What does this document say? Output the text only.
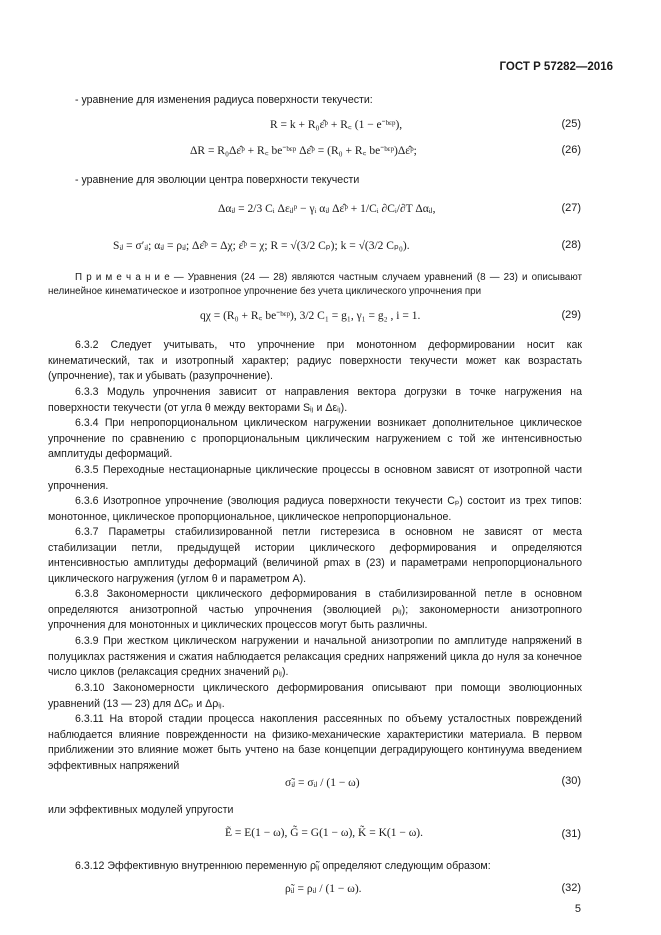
ГОСТ Р 57282—2016
- уравнение для изменения радиуса поверхности текучести:
R = k + R₀ε̂ᵖ + R꜀ (1 − e⁻ᵇᵋᵖ),	(25)
ΔR = R₀Δε̂ᵖ + R꜀ be⁻ᵇᵋᵖ Δε̂ᵖ = (R₀ + R꜀ be⁻ᵇᵋᵖ)Δε̂ᵖ;	(26)
- уравнение для эволюции центра поверхности текучести
Δαᵢⱼ = 2/3 Cᵢ Δεᵢⱼᵖ − γᵢ αᵢⱼ Δε̂ᵖ + 1/Cᵢ ∂Cᵢ/∂T Δαᵢⱼ,	(27)
Sᵢⱼ = σ′ᵢⱼ; αᵢⱼ = ρᵢⱼ; Δε̂ᵖ = Δχ; ε̂ᵖ = χ; R = √(3/2 Cₚ); k = √(3/2 Cₚ₀).	(28)
П р и м е ч а н и е — Уравнения (24 — 28) являются частным случаем уравнений (8 — 23) и описывают нелинейное кинематическое и изотропное упрочнение без учета циклического упрочнения при
qχ = (R₀ + R꜀ be⁻ᵇᵋᵖ), 3/2 C₁ = g₁, γ₁ = g₂ , i = 1.	(29)
6.3.2 Следует учитывать, что упрочнение при монотонном деформировании носит как кинематический, так и изотропный характер; радиус поверхности текучести может как возрастать (упрочнение), так и убывать (разупрочнение).
6.3.3 Модуль упрочнения зависит от направления вектора догрузки в точке нагружения на поверхности текучести (от угла θ между векторами Sᵢⱼ и Δεᵢⱼ).
6.3.4 При непропорциональном циклическом нагружении возникает дополнительное циклическое упрочнение по сравнению с пропорциональным циклическим нагружением с той же интенсивностью амплитуды деформаций.
6.3.5 Переходные нестационарные циклические процессы в основном зависят от изотропной части упрочнения.
6.3.6 Изотропное упрочнение (эволюция радиуса поверхности текучести Cₚ) состоит из трех типов: монотонное, циклическое пропорциональное, циклическое непропорциональное.
6.3.7 Параметры стабилизированной петли гистерезиса в основном не зависят от места стабилизации петли, предыдущей истории циклического деформирования и определяются интенсивностью амплитуды деформаций (величиной ρmax в (23) и параметрами непропорционального циклического нагружения (углом θ и параметром A).
6.3.8 Закономерности циклического деформирования в стабилизированной петле в основном определяются анизотропной частью упрочнения (эволюцией ρᵢⱼ); закономерности анизотропного упрочнения для монотонных и циклических процессов могут быть различны.
6.3.9 При жестком циклическом нагружении и начальной анизотропии по амплитуде напряжений в полуциклах растяжения и сжатия наблюдается релаксация средних напряжений цикла до нуля за конечное число циклов (релаксация средних значений ρᵢⱼ).
6.3.10 Закономерности циклического деформирования описывают при помощи эволюционных уравнений (13 — 23) для ΔCₚ и Δρᵢⱼ.
6.3.11 На второй стадии процесса накопления рассеянных по объему усталостных повреждений наблюдается влияние поврежденности на физико-механические характеристики материала. В первом приближении это влияние может быть учтено на базе концепции деградирующего континуума введением эффективных напряжений
σ̃ᵢⱼ = σᵢⱼ / (1 − ω)	(30)
или эффективных модулей упругости
Ẽ = E(1 − ω), G̃ = G(1 − ω), K̃ = K(1 − ω).	(31)
6.3.12 Эффективную внутреннюю переменную ρ̃ᵢⱼ определяют следующим образом:
ρ̃ᵢⱼ = ρᵢⱼ / (1 − ω).	(32)
5
